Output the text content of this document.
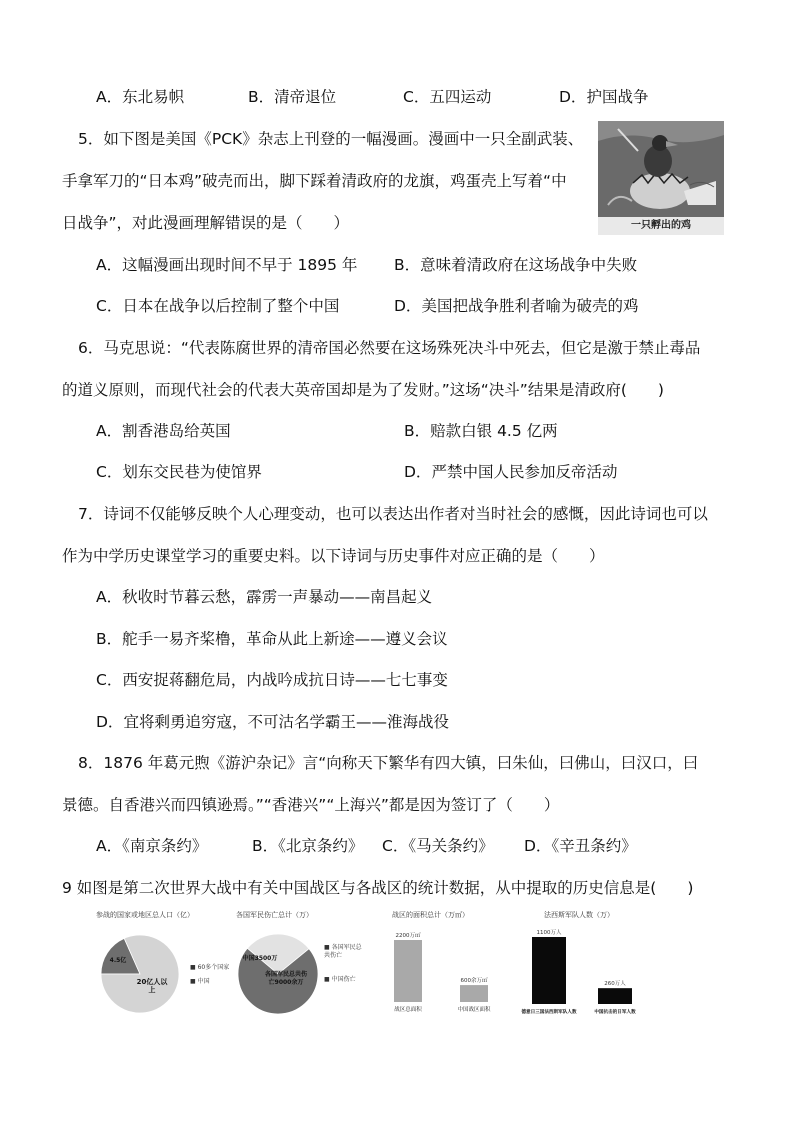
A．东北易帜	B．清帝退位	C．五四运动	D．护国战争
5．如下图是美国《PCK》杂志上刊登的一幅漫画。漫画中一只全副武装、
手拿军刀的“日本鸡”破壳而出，脚下踩着清政府的龙旗，鸡蛋壳上写着“中
日战争”，对此漫画理解错误的是（　　）	一只孵出的鸡
A．这幅漫画出现时间不早于 1895 年 B．意味着清政府在这场战争中失败
C．日本在战争以后控制了整个中国	D．美国把战争胜利者喻为破壳的鸡
6．马克思说：“代表陈腐世界的清帝国必然要在这场殊死决斗中死去，但它是激于禁止毒品
的道义原则，而现代社会的代表大英帝国却是为了发财。”这场“决斗”结果是清政府(　　)
A．割香港岛给英国	B．赔款白银 4.5 亿两
C．划东交民巷为使馆界	D．严禁中国人民参加反帝活动
7．诗词不仅能够反映个人心理变动，也可以表达出作者对当时社会的感慨，因此诗词也可以
作为中学历史课堂学习的重要史料。以下诗词与历史事件对应正确的是（　　）
A．秋收时节暮云愁，霹雳一声暴动——南昌起义
B．舵手一易齐桨橹，革命从此上新途——遵义会议
C．西安捉蒋翻危局，内战吟成抗日诗——七七事变
D．宜将剩勇追穷寇，不可沽名学霸王——淮海战役
8．1876 年葛元煦《游沪杂记》言“向称天下繁华有四大镇，曰朱仙，曰佛山，曰汉口，曰
景德。自香港兴而四镇逊焉。”“香港兴”“上海兴”都是因为签订了（　　）
A．《南京条约》	B．《北京条约》 C．《马关条约》 D．《辛丑条约》
9 如图是第二次世界大战中有关中国战区与各战区的统计数据，从中提取的历史信息是(　　)
参战的国家或地区总人口（亿）
4.5亿
20亿人以
上
■ 60多个国家
■ 中国
各国军民伤亡总计（万）
中国3500万
各国军民总共伤
亡9000余万
■ 各国军民总共伤亡
■ 中国伤亡
战区的面积总计（万㎡）
2200万㎡
战区总面积
600余万㎡
中国战区面积
法西斯军队人数（万）
1100万人
德意日三国法西斯军队人数
260万人
中国抗击的日军人数
